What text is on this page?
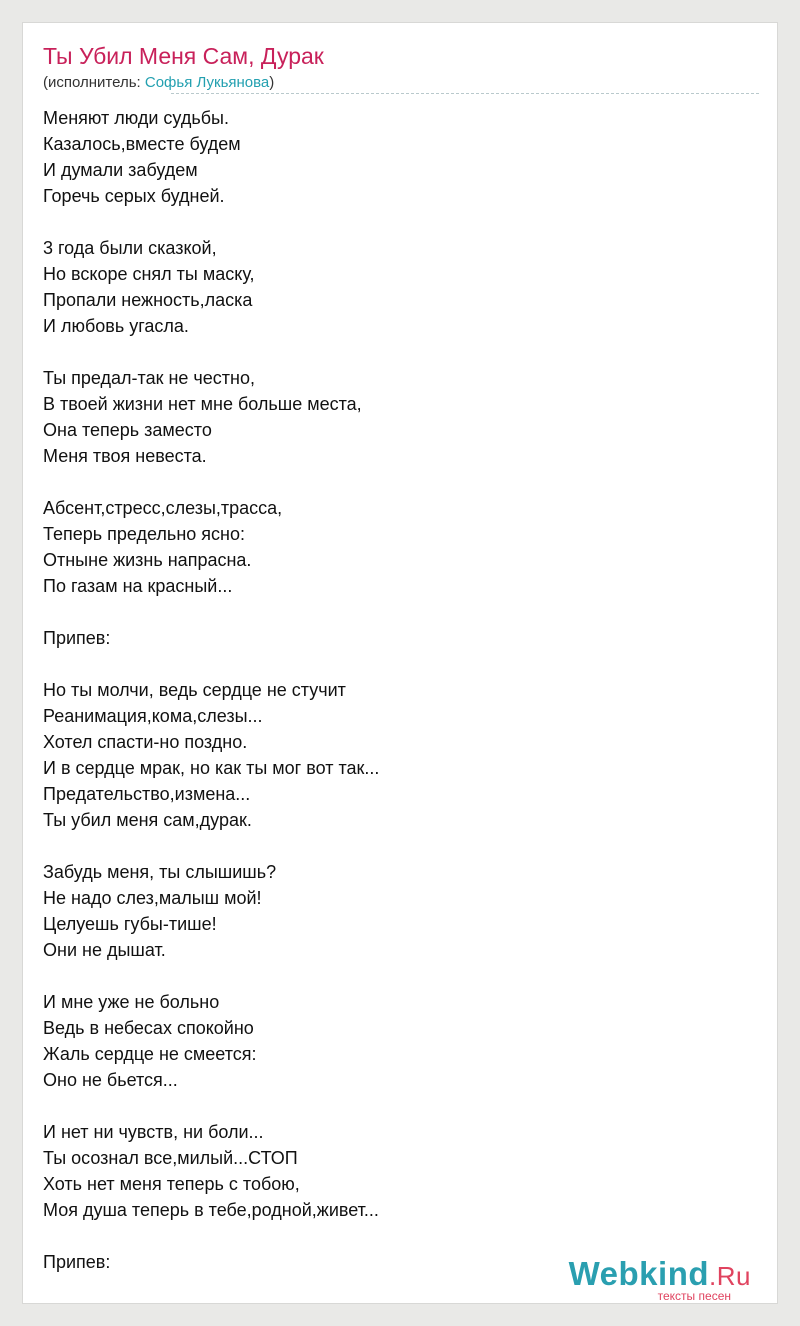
Ты Убил Меня Сам, Дурак
(исполнитель: Софья Лукьянова)
Меняют люди судьбы.
Казалось,вместе будем
И думали забудем
Горечь серых будней.
3 года были сказкой,
Но вскоре снял ты маску,
Пропали нежность,ласка
И любовь угасла.
Ты предал-так не честно,
В твоей жизни нет мне больше места,
Она теперь заместо
Меня твоя невеста.
Абсент,стресс,слезы,трасса,
Теперь предельно ясно:
Отныне жизнь напрасна.
По газам на красный...
Припев:
Но ты молчи, ведь сердце не стучит
Реанимация,кома,слезы...
Хотел спасти-но поздно.
И в сердце мрак, но как ты мог вот так...
Предательство,измена...
Ты убил меня сам,дурак.
Забудь меня, ты слышишь?
Не надо слез,малыш мой!
Целуешь губы-тише!
Они не дышат.
И мне уже не больно
Ведь в небесах спокойно
Жаль сердце не смеется:
Оно не бьется...
И нет ни чувств, ни боли...
Ты осознал все,милый...СТОП
Хоть нет меня теперь с тобою,
Моя душа теперь в тебе,родной,живет...
Припев:	Webkind.Ru
тексты песен
